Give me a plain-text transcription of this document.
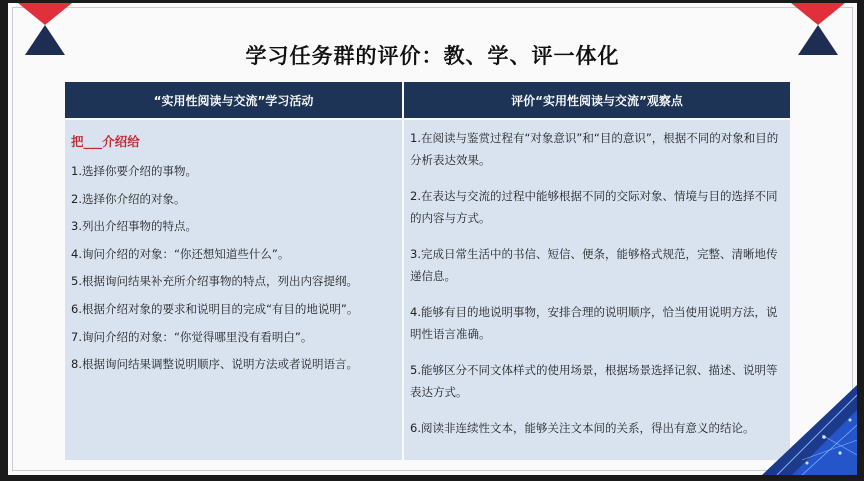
学习任务群的评价：教、学、评一体化
“实用性阅读与交流”学习活动	评价“实用性阅读与交流”观察点
把___介绍给
1.选择你要介绍的事物。
2.选择你介绍的对象。
3.列出介绍事物的特点。
4.询问介绍的对象：“你还想知道些什么”。
5.根据询问结果补充所介绍事物的特点，列出内容提纲。
6.根据介绍对象的要求和说明目的完成“有目的地说明”。
7.询问介绍的对象：“你觉得哪里没有看明白”。
8.根据询问结果调整说明顺序、说明方法或者说明语言。
1.在阅读与鉴赏过程有“对象意识”和“目的意识”，根据不同的对象和目的分析表达效果。
2.在表达与交流的过程中能够根据不同的交际对象、情境与目的选择不同的内容与方式。
3.完成日常生活中的书信、短信、便条，能够格式规范，完整、清晰地传递信息。
4.能够有目的地说明事物，安排合理的说明顺序，恰当使用说明方法，说明性语言准确。
5.能够区分不同文体样式的使用场景，根据场景选择记叙、描述、说明等表达方式。
6.阅读非连续性文本，能够关注文本间的关系，得出有意义的结论。
